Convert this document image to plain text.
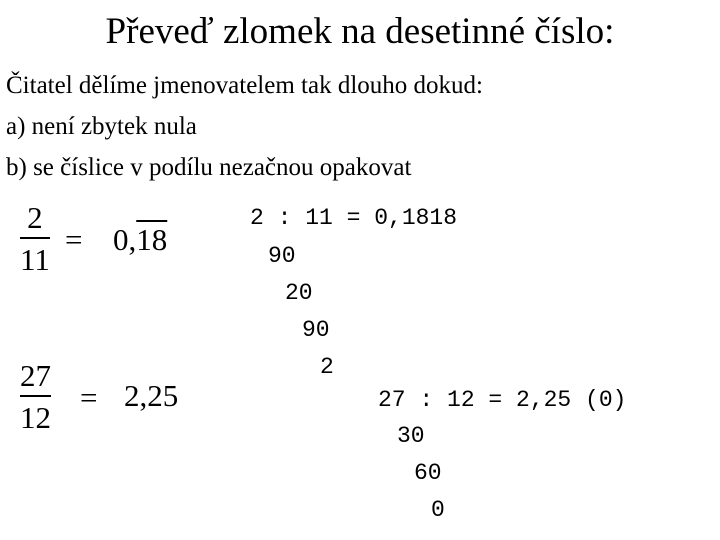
Převeď zlomek na desetinné číslo:
Čitatel dělíme jmenovatelem tak dlouho dokud:
a) není zbytek nula
b) se číslice v podílu nezačnou opakovat
2
11
= 0,18
2 : 11 = 0,1818
90
20
90
2
27
12
= 2,25	27 : 12 = 2,25 (0)
30
60
0
